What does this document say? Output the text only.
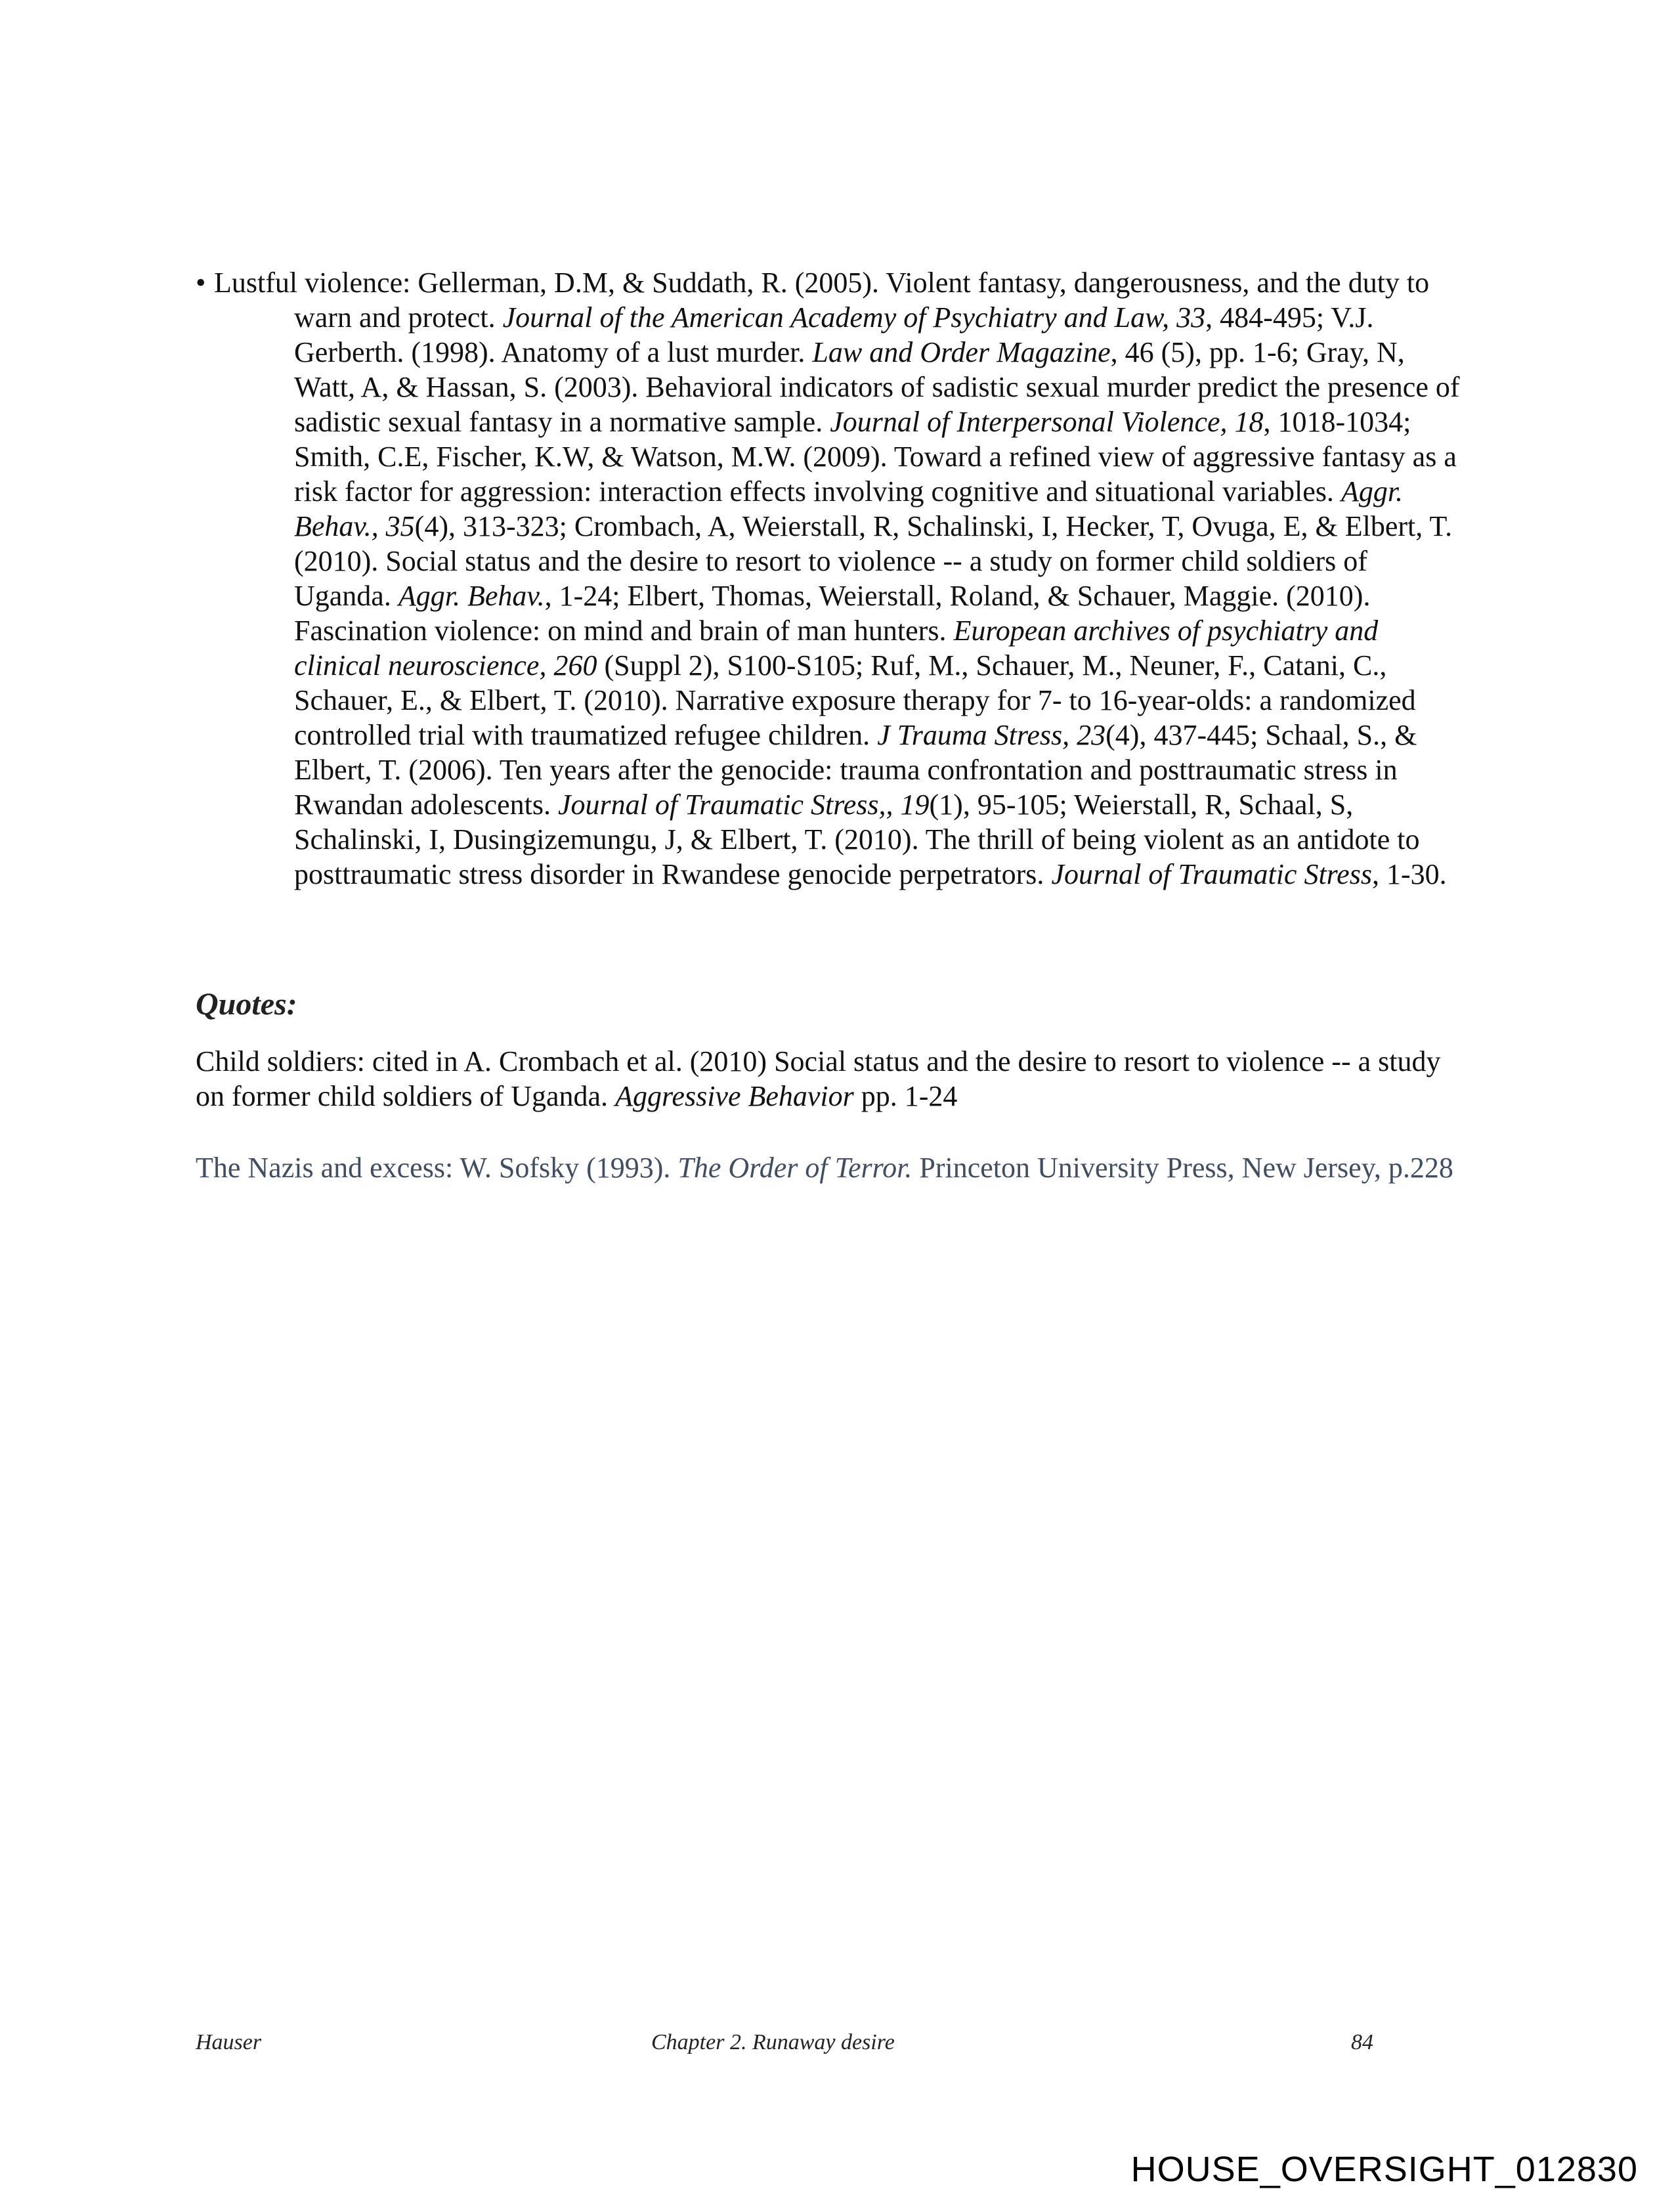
• Lustful violence: Gellerman, D.M, & Suddath, R. (2005). Violent fantasy, dangerousness, and the duty to warn and protect. Journal of the American Academy of Psychiatry and Law, 33, 484-495; V.J. Gerberth. (1998). Anatomy of a lust murder. Law and Order Magazine, 46 (5), pp. 1-6; Gray, N, Watt, A, & Hassan, S. (2003). Behavioral indicators of sadistic sexual murder predict the presence of sadistic sexual fantasy in a normative sample. Journal of Interpersonal Violence, 18, 1018-1034; Smith, C.E, Fischer, K.W, & Watson, M.W. (2009). Toward a refined view of aggressive fantasy as a risk factor for aggression: interaction effects involving cognitive and situational variables. Aggr. Behav., 35(4), 313-323; Crombach, A, Weierstall, R, Schalinski, I, Hecker, T, Ovuga, E, & Elbert, T. (2010). Social status and the desire to resort to violence -- a study on former child soldiers of Uganda. Aggr. Behav., 1-24; Elbert, Thomas, Weierstall, Roland, & Schauer, Maggie. (2010). Fascination violence: on mind and brain of man hunters. European archives of psychiatry and clinical neuroscience, 260 (Suppl 2), S100-S105; Ruf, M., Schauer, M., Neuner, F., Catani, C., Schauer, E., & Elbert, T. (2010). Narrative exposure therapy for 7- to 16-year-olds: a randomized controlled trial with traumatized refugee children. J Trauma Stress, 23(4), 437-445; Schaal, S., & Elbert, T. (2006). Ten years after the genocide: trauma confrontation and posttraumatic stress in Rwandan adolescents. Journal of Traumatic Stress,, 19(1), 95-105; Weierstall, R, Schaal, S, Schalinski, I, Dusingizemungu, J, & Elbert, T. (2010). The thrill of being violent as an antidote to posttraumatic stress disorder in Rwandese genocide perpetrators. Journal of Traumatic Stress, 1-30.

Quotes:

Child soldiers: cited in A. Crombach et al. (2010) Social status and the desire to resort to violence -- a study on former child soldiers of Uganda. Aggressive Behavior pp. 1-24

The Nazis and excess: W. Sofsky (1993). The Order of Terror. Princeton University Press, New Jersey, p.228

Hauser	Chapter 2. Runaway desire	84
HOUSE_OVERSIGHT_012830
